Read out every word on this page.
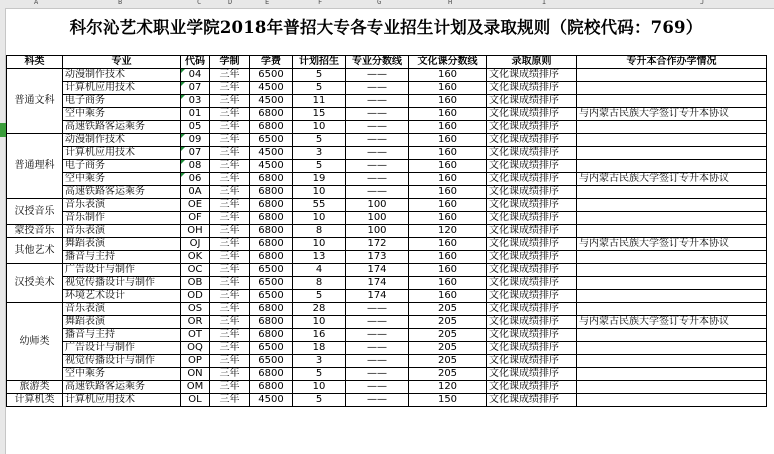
A	B	C	D	E	F	G	H	I	J
科尔沁艺术职业学院2018年普招大专各专业招生计划及录取规则（院校代码：769）
科类	专业	代码	学制	学费	计划招生	专业分数线	文化课分数线	录取原则	专升本合作办学情况
普通文科	动漫制作技术	04	三年	6500	5	——	160	文化课成绩排序	
	计算机应用技术	07	三年	4500	5	——	160	文化课成绩排序	
	电子商务	03	三年	4500	11	——	160	文化课成绩排序	
	空中乘务	01	三年	6800	15	——	160	文化课成绩排序	与内蒙古民族大学签订专升本协议
	高速铁路客运乘务	05	三年	6800	10	——	160	文化课成绩排序	
普通理科	动漫制作技术	09	三年	6500	5	——	160	文化课成绩排序	
	计算机应用技术	07	三年	4500	3	——	160	文化课成绩排序	
	电子商务	08	三年	4500	5	——	160	文化课成绩排序	
	空中乘务	06	三年	6800	19	——	160	文化课成绩排序	与内蒙古民族大学签订专升本协议
	高速铁路客运乘务	0A	三年	6800	10	——	160	文化课成绩排序	
汉授音乐	音乐表演	OE	三年	6800	55	100	160	文化课成绩排序	
	音乐制作	OF	三年	6800	10	100	160	文化课成绩排序	
蒙授音乐	音乐表演	OH	三年	6800	8	100	120	文化课成绩排序	
其他艺术	舞蹈表演	OJ	三年	6800	10	172	160	文化课成绩排序	与内蒙古民族大学签订专升本协议
	播音与主持	OK	三年	6800	13	173	160	文化课成绩排序	
汉授美术	广告设计与制作	OC	三年	6500	4	174	160	文化课成绩排序	
	视觉传播设计与制作	OB	三年	6500	8	174	160	文化课成绩排序	
	环境艺术设计	OD	三年	6500	5	174	160	文化课成绩排序	
幼师类	音乐表演	OS	三年	6800	28	——	205	文化课成绩排序	
	舞蹈表演	OR	三年	6800	10	——	205	文化课成绩排序	与内蒙古民族大学签订专升本协议
	播音与主持	OT	三年	6800	16	——	205	文化课成绩排序	
	广告设计与制作	OQ	三年	6500	18	——	205	文化课成绩排序	
	视觉传播设计与制作	OP	三年	6500	3	——	205	文化课成绩排序	
	空中乘务	ON	三年	6800	5	——	205	文化课成绩排序	
旅游类	高速铁路客运乘务	OM	三年	6800	10	——	120	文化课成绩排序	
计算机类	计算机应用技术	OL	三年	4500	5	——	150	文化课成绩排序	
